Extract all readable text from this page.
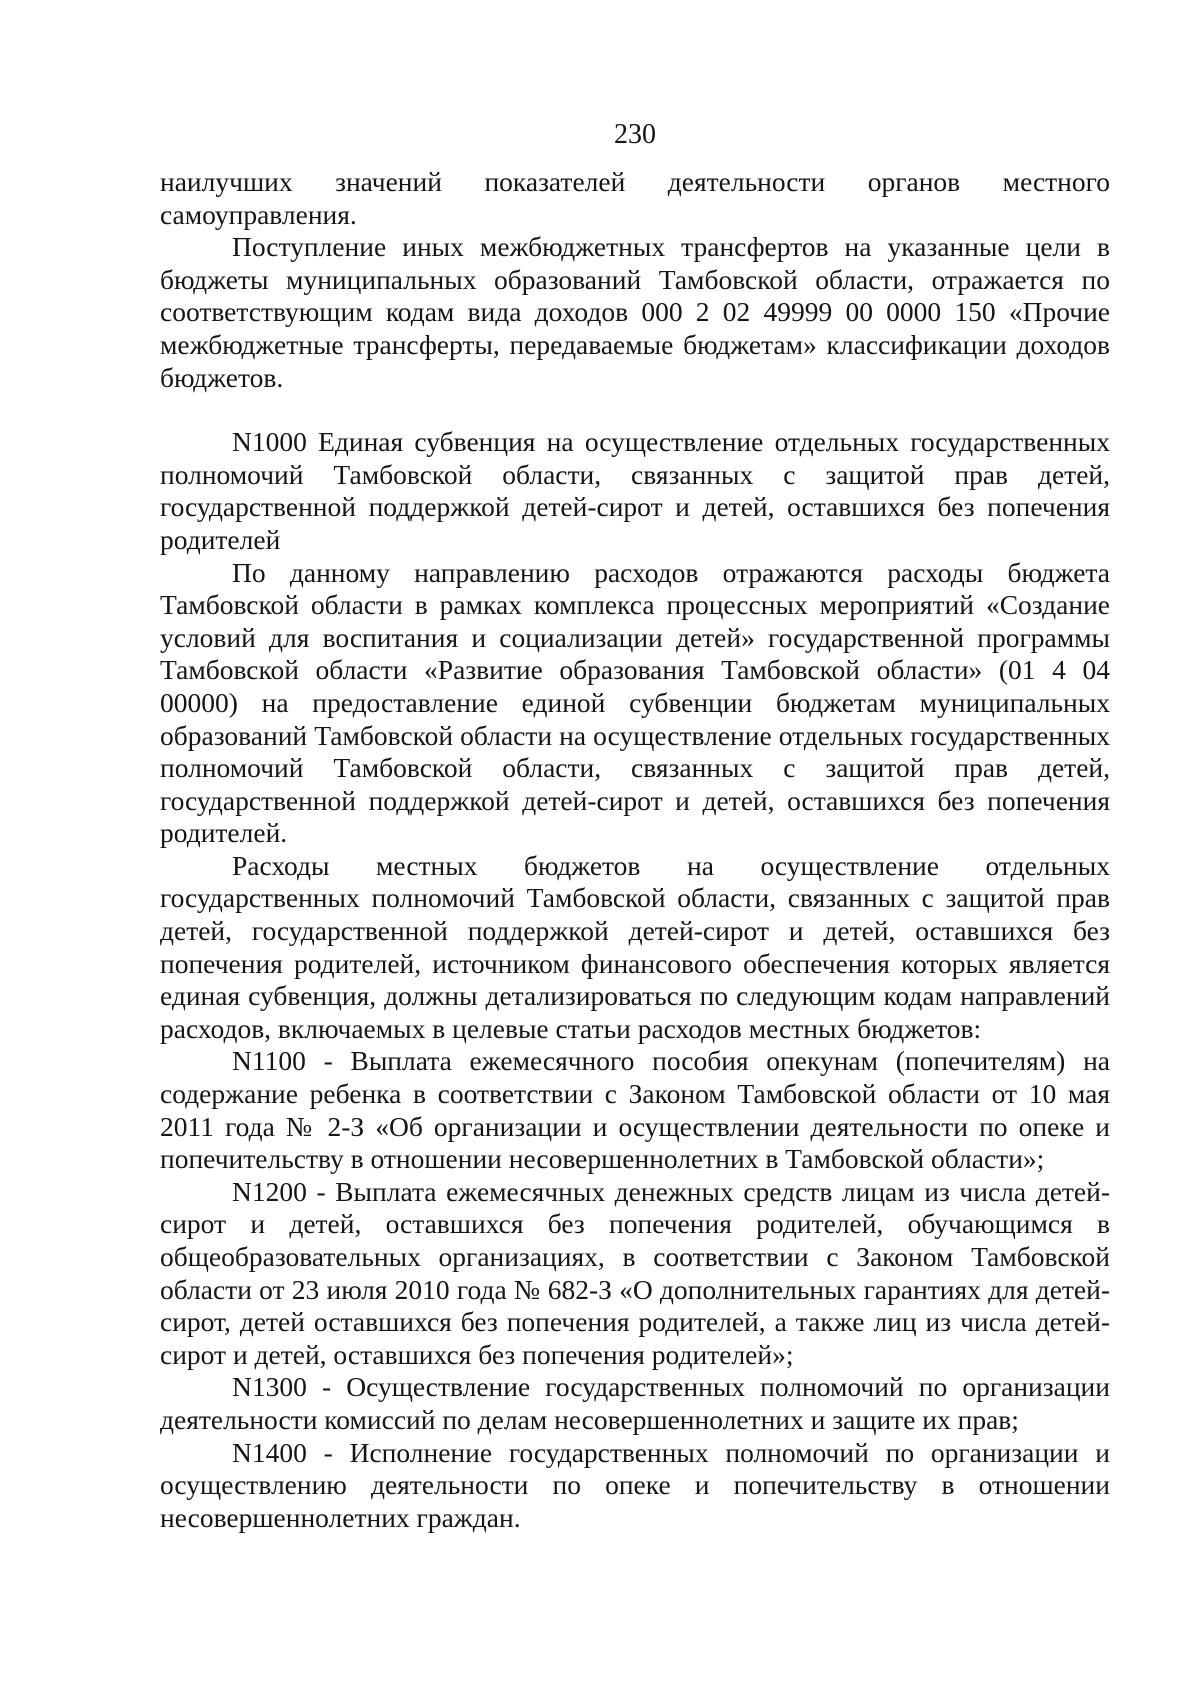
230

наилучших значений показателей деятельности органов местного самоуправления.

Поступление иных межбюджетных трансфертов на указанные цели в бюджеты муниципальных образований Тамбовской области, отражается по соответствующим кодам вида доходов 000 2 02 49999 00 0000 150 «Прочие межбюджетные трансферты, передаваемые бюджетам» классификации доходов бюджетов.

N1000 Единая субвенция на осуществление отдельных государственных полномочий Тамбовской области, связанных с защитой прав детей, государственной поддержкой детей-сирот и детей, оставшихся без попечения родителей

По данному направлению расходов отражаются расходы бюджета Тамбовской области в рамках комплекса процессных мероприятий «Создание условий для воспитания и социализации детей» государственной программы Тамбовской области «Развитие образования Тамбовской области» (01 4 04 00000) на предоставление единой субвенции бюджетам муниципальных образований Тамбовской области на осуществление отдельных государственных полномочий Тамбовской области, связанных с защитой прав детей, государственной поддержкой детей-сирот и детей, оставшихся без попечения родителей.

Расходы местных бюджетов на осуществление отдельных государственных полномочий Тамбовской области, связанных с защитой прав детей, государственной поддержкой детей-сирот и детей, оставшихся без попечения родителей, источником финансового обеспечения которых является единая субвенция, должны детализироваться по следующим кодам направлений расходов, включаемых в целевые статьи расходов местных бюджетов:

N1100 - Выплата ежемесячного пособия опекунам (попечителям) на содержание ребенка в соответствии с Законом Тамбовской области от 10 мая 2011 года № 2-З «Об организации и осуществлении деятельности по опеке и попечительству в отношении несовершеннолетних в Тамбовской области»;

N1200 - Выплата ежемесячных денежных средств лицам из числа детей-сирот и детей, оставшихся без попечения родителей, обучающимся в общеобразовательных организациях, в соответствии с Законом Тамбовской области от 23 июля 2010 года № 682-З «О дополнительных гарантиях для детей-сирот, детей оставшихся без попечения родителей, а также лиц из числа детей-сирот и детей, оставшихся без попечения родителей»;

N1300 - Осуществление государственных полномочий по организации деятельности комиссий по делам несовершеннолетних и защите их прав;

N1400 - Исполнение государственных полномочий по организации и осуществлению деятельности по опеке и попечительству в отношении несовершеннолетних граждан.
